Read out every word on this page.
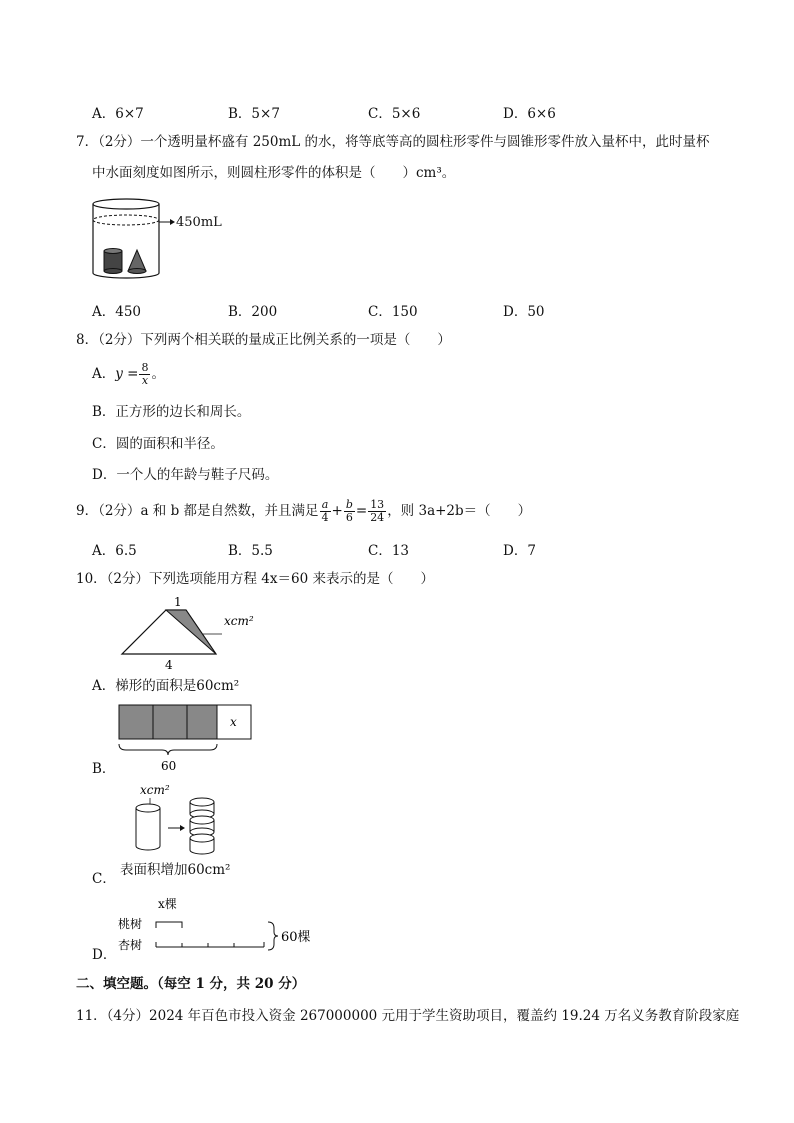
A．6×7	B．5×7	C．5×6	D．6×6
7．（2分）一个透明量杯盛有 250mL 的水，将等底等高的圆柱形零件与圆锥形零件放入量杯中，此时量杯
中水面刻度如图所示，则圆柱形零件的体积是（　　）cm³。
450mL
A．450	B．200	C．150	D．50
8．（2分）下列两个相关联的量成正比例关系的一项是（　　）
A．$y = \frac{8}{x}$ 。
B．正方形的边长和周长。
C．圆的面积和半径。
D．一个人的年龄与鞋子尺码。
9．（2分）a 和 b 都是自然数，并且满足 $\frac{a}{4} + \frac{b}{6} = \frac{13}{24}$ ，则 3a+2b＝（　　）
A．6.5	B．5.5	C．13	D．7
10．（2分）下列选项能用方程 4x＝60 来表示的是（　　）
1
xcm²
4
A．梯形的面积是60cm²
x
60
B．
xcm²
表面积增加60cm²
C．
x棵
桃树
杏树	60棵
D．
二、填空题。（每空 1 分，共 20 分）
11．（4分）2024 年百色市投入资金 267000000 元用于学生资助项目，覆盖约 19.24 万名义务教育阶段家庭
